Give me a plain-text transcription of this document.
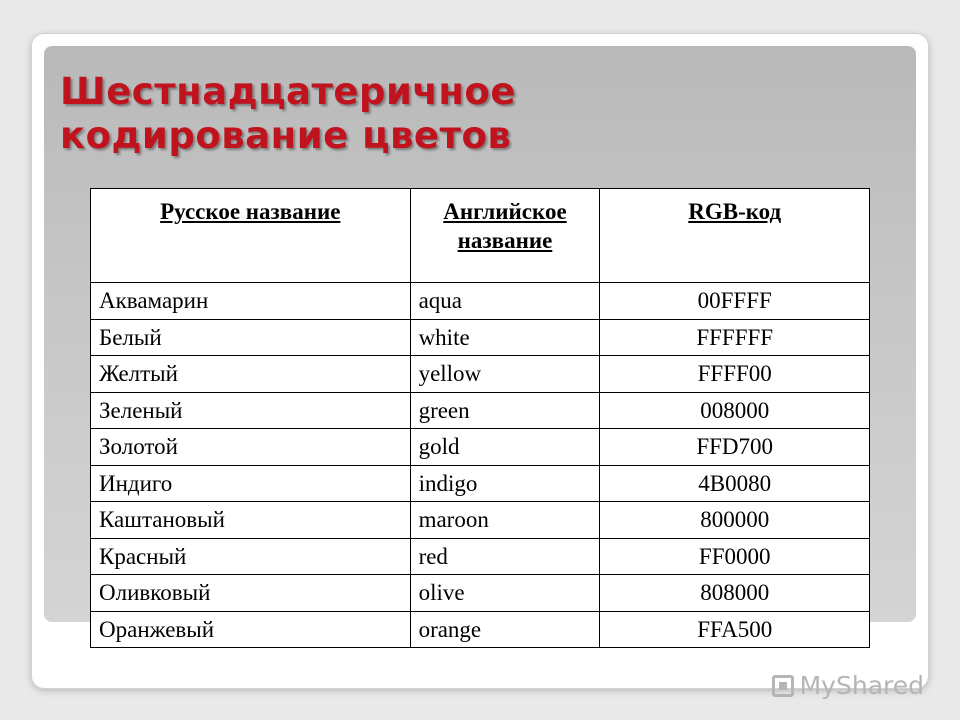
Шестнадцатеричное
кодирование цветов
Русское название	Английское название	RGB-код
Аквамарин	aqua	00FFFF
Белый	white	FFFFFF
Желтый	yellow	FFFF00
Зеленый	green	008000
Золотой	gold	FFD700
Индиго	indigo	4B0080
Каштановый	maroon	800000
Красный	red	FF0000
Оливковый	olive	808000
Оранжевый	orange	FFA500
MyShared
